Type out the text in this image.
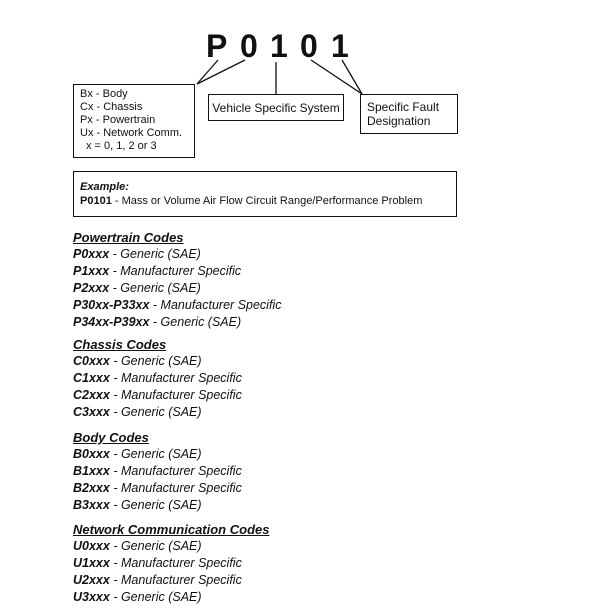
P 0 1 0 1
Bx - Body
Cx - Chassis
Px - Powertrain
Ux - Network Comm.
x = 0, 1, 2 or 3
Vehicle Specific System	Specific Fault
Designation
Example:
P0101 - Mass or Volume Air Flow Circuit Range/Performance Problem
Powertrain Codes
P0xxx - Generic (SAE)
P1xxx - Manufacturer Specific
P2xxx - Generic (SAE)
P30xx-P33xx - Manufacturer Specific
P34xx-P39xx - Generic (SAE)
Chassis Codes
C0xxx - Generic (SAE)
C1xxx - Manufacturer Specific
C2xxx - Manufacturer Specific
C3xxx - Generic (SAE)
Body Codes
B0xxx - Generic (SAE)
B1xxx - Manufacturer Specific
B2xxx - Manufacturer Specific
B3xxx - Generic (SAE)
Network Communication Codes
U0xxx - Generic (SAE)
U1xxx - Manufacturer Specific
U2xxx - Manufacturer Specific
U3xxx - Generic (SAE)
